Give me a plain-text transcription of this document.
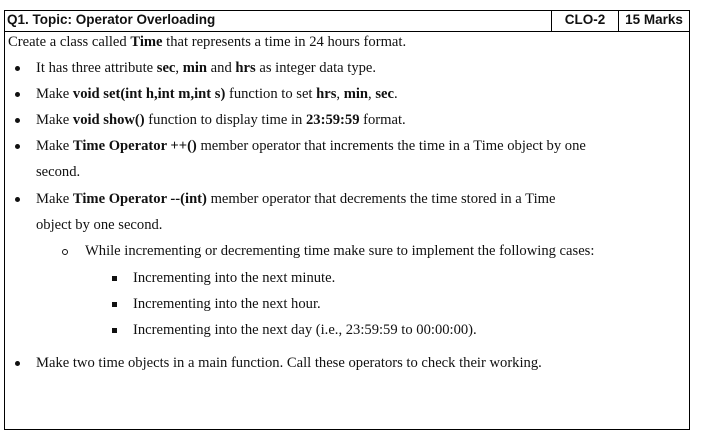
Q1. Topic: Operator Overloading	CLO-2	15 Marks
Create a class called Time that represents a time in 24 hours format.
It has three attribute sec, min and hrs as integer data type.
Make void set(int h,int m,int s) function to set hrs, min, sec.
Make void show() function to display time in 23:59:59 format.
Make Time Operator ++() member operator that increments the time in a Time object by one
second.
Make Time Operator --(int) member operator that decrements the time stored in a Time
object by one second.
While incrementing or decrementing time make sure to implement the following cases:
Incrementing into the next minute.
Incrementing into the next hour.
Incrementing into the next day (i.e., 23:59:59 to 00:00:00).
Make two time objects in a main function. Call these operators to check their working.
